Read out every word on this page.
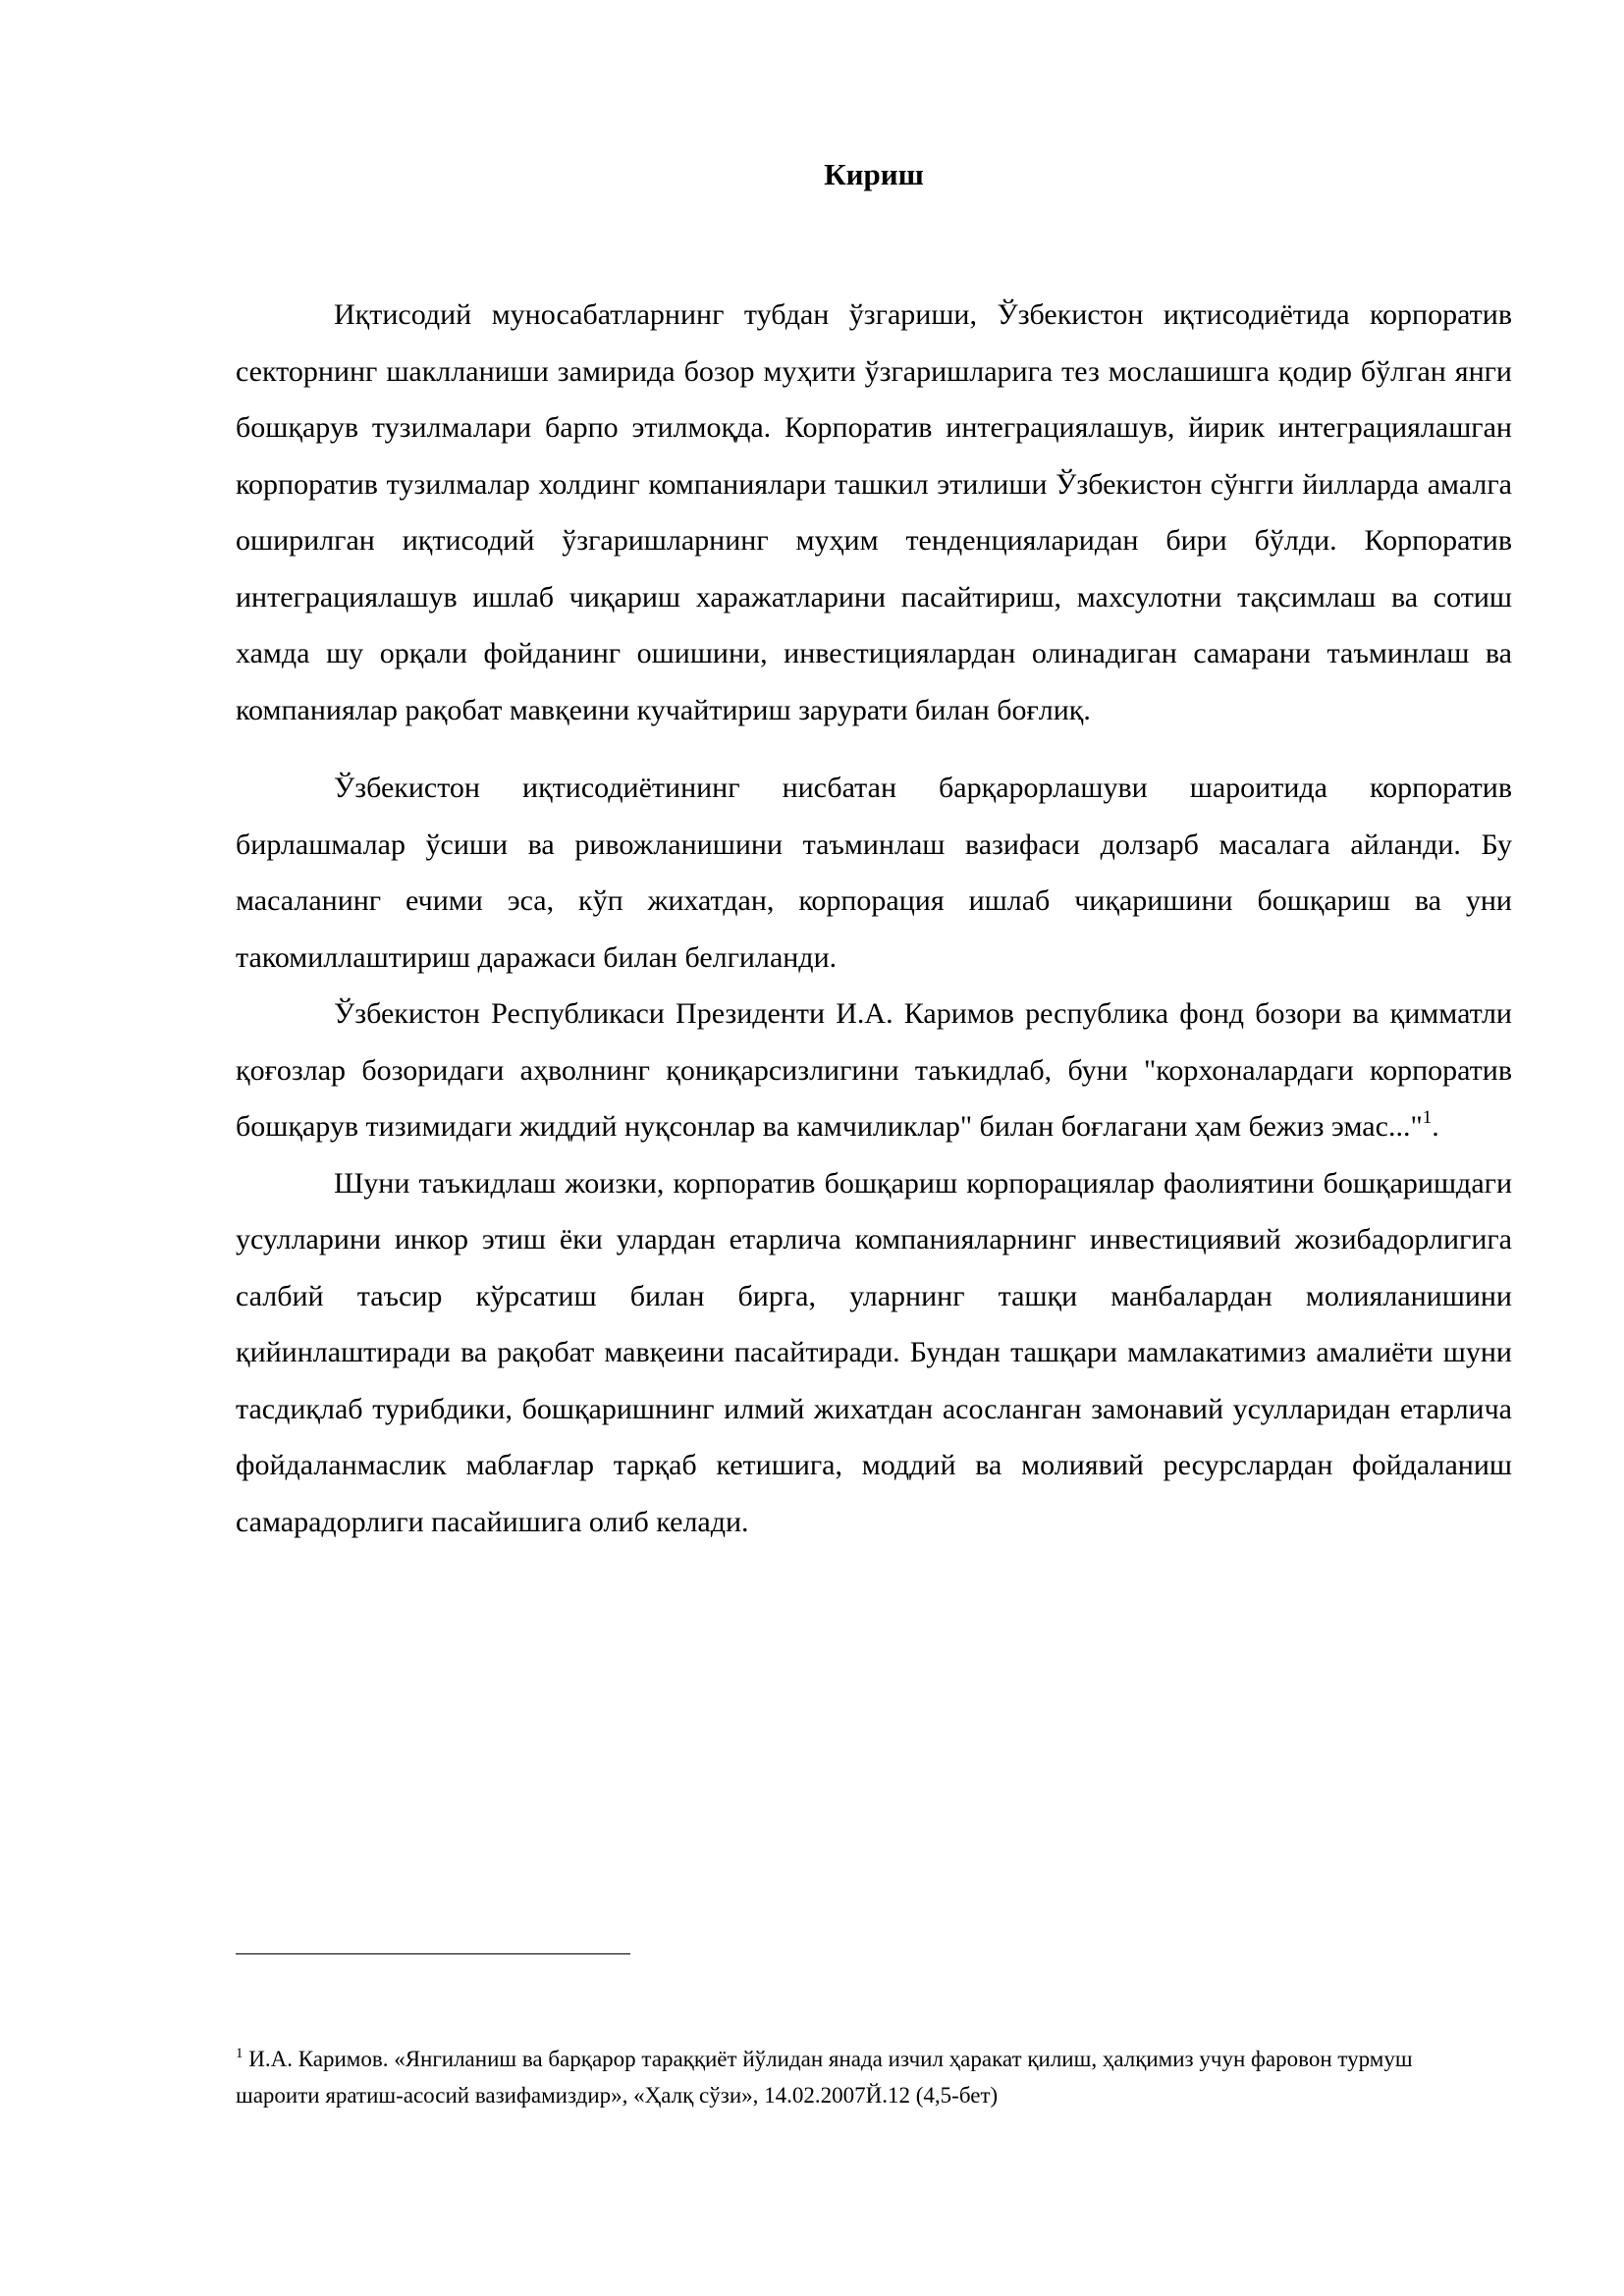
Кириш

Иқтисодий муносабатларнинг тубдан ўзгариши, Ўзбекистон иқтисодиётида корпоратив секторнинг шаклланиши замирида бозор муҳити ўзгаришларига тез мослашишга қодир бўлган янги бошқарув тузилмалари барпо этилмоқда. Корпоратив интеграциялашув, йирик интеграциялашган корпоратив тузилмалар холдинг компаниялари ташкил этилиши Ўзбекистон сўнгги йилларда амалга оширилган иқтисодий ўзгаришларнинг муҳим тенденцияларидан бири бўлди. Корпоратив интеграциялашув ишлаб чиқариш харажатларини пасайтириш, махсулотни тақсимлаш ва сотиш хамда шу орқали фойданинг ошишини, инвестициялардан олинадиган самарани таъминлаш ва компаниялар рақобат мавқеини кучайтириш зарурати билан боғлиқ.

Ўзбекистон иқтисодиётининг нисбатан барқарорлашуви шароитида корпоратив бирлашмалар ўсиши ва ривожланишини таъминлаш вазифаси долзарб масалага айланди. Бу масаланинг ечими эса, кўп жихатдан, корпорация ишлаб чиқаришини бошқариш ва уни такомиллаштириш даражаси билан белгиланди.

Ўзбекистон Республикаси Президенти И.А. Каримов республика фонд бозори ва қимматли қоғозлар бозоридаги аҳволнинг қониқарсизлигини таъкидлаб, буни "корхоналардаги корпоратив бошқарув тизимидаги жиддий нуқсонлар ва камчиликлар" билан боғлагани ҳам бежиз эмас..."$^1$.

Шуни таъкидлаш жоизки, корпоратив бошқариш корпорациялар фаолиятини бошқаришдаги усулларини инкор этиш ёки улардан етарлича компанияларнинг инвестициявий жозибадорлигига салбий таъсир кўрсатиш билан бирга, уларнинг ташқи манбалардан молияланишини қийинлаштиради ва рақобат мавқеини пасайтиради. Бундан ташқари мамлакатимиз амалиёти шуни тасдиқлаб турибдики, бошқаришнинг илмий жихатдан асосланган замонавий усулларидан етарлича фойдаланмаслик маблағлар тарқаб кетишига, моддий ва молиявий ресурслардан фойдаланиш самарадорлиги пасайишига олиб келади.

$^1$ И.А. Каримов. «Янгиланиш ва барқарор тараққиёт йўлидан янада изчил ҳаракат қилиш, ҳалқимиз учун фаровон турмуш шароити яратиш-асосий вазифамиздир», «Ҳалқ сўзи», 14.02.2007Й.12 (4,5-бет)
